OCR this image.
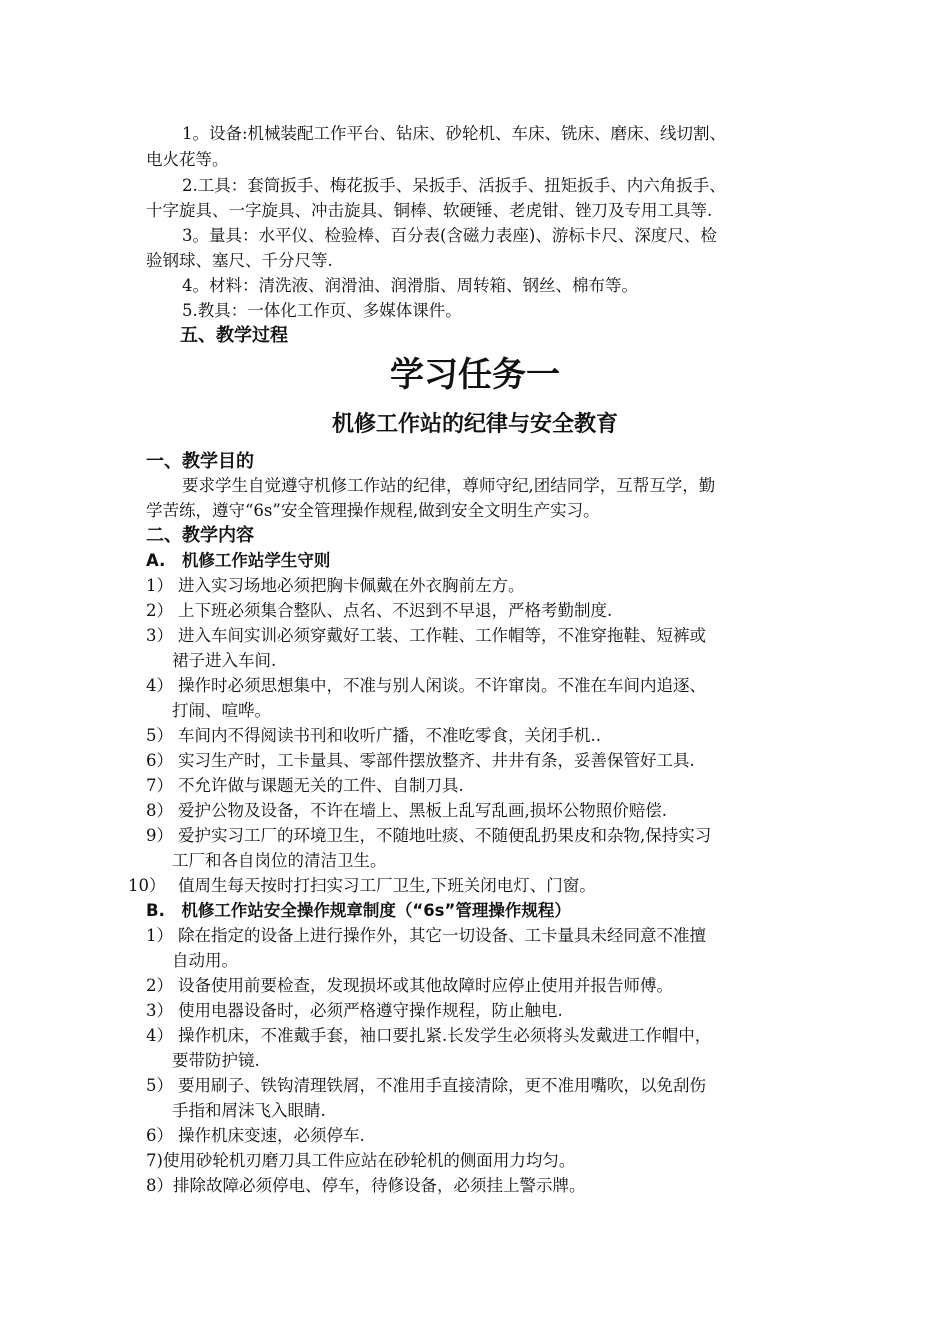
1。设备:机械装配工作平台、钻床、砂轮机、车床、铣床、磨床、线切割、
电火花等。
2.工具：套筒扳手、梅花扳手、呆扳手、活扳手、扭矩扳手、内六角扳手、
十字旋具、一字旋具、冲击旋具、铜棒、软硬锤、老虎钳、锉刀及专用工具等.
3。量具：水平仪、检验棒、百分表(含磁力表座)、游标卡尺、深度尺、检
验钢球、塞尺、千分尺等.
4。材料：清洗液、润滑油、润滑脂、周转箱、钢丝、棉布等。
5.教具：一体化工作页、多媒体课件。
五、教学过程
学习任务一
机修工作站的纪律与安全教育
一、教学目的
要求学生自觉遵守机修工作站的纪律，尊师守纪,团结同学，互帮互学，勤
学苦练，遵守“6s”安全管理操作规程,做到安全文明生产实习。
二、教学内容
A.　机修工作站学生守则
1） 进入实习场地必须把胸卡佩戴在外衣胸前左方。
2） 上下班必须集合整队、点名、不迟到不早退，严格考勤制度.
3） 进入车间实训必须穿戴好工装、工作鞋、工作帽等，不准穿拖鞋、短裤或
裙子进入车间.
4） 操作时必须思想集中，不准与别人闲谈。不许窜岗。不准在车间内追逐、
打闹、喧哗。
5） 车间内不得阅读书刊和收听广播，不准吃零食，关闭手机..
6） 实习生产时，工卡量具、零部件摆放整齐、井井有条，妥善保管好工具.
7） 不允许做与课题无关的工件、自制刀具.
8） 爱护公物及设备，不许在墙上、黑板上乱写乱画,损坏公物照价赔偿.
9） 爱护实习工厂的环境卫生，不随地吐痰、不随便乱扔果皮和杂物,保持实习
工厂和各自岗位的清洁卫生。
10） 值周生每天按时打扫实习工厂卫生,下班关闭电灯、门窗。
B.　机修工作站安全操作规章制度（“6s”管理操作规程）
1） 除在指定的设备上进行操作外，其它一切设备、工卡量具未经同意不准擅
自动用。
2） 设备使用前要检查，发现损坏或其他故障时应停止使用并报告师傅。
3） 使用电器设备时，必须严格遵守操作规程，防止触电.
4） 操作机床，不准戴手套，袖口要扎紧.长发学生必须将头发戴进工作帽中，
要带防护镜.
5） 要用刷子、铁钩清理铁屑，不准用手直接清除，更不准用嘴吹，以免刮伤
手指和屑沫飞入眼睛.
6） 操作机床变速，必须停车.
7)使用砂轮机刃磨刀具工件应站在砂轮机的侧面用力均匀。
8）排除故障必须停电、停车，待修设备，必须挂上警示牌。
